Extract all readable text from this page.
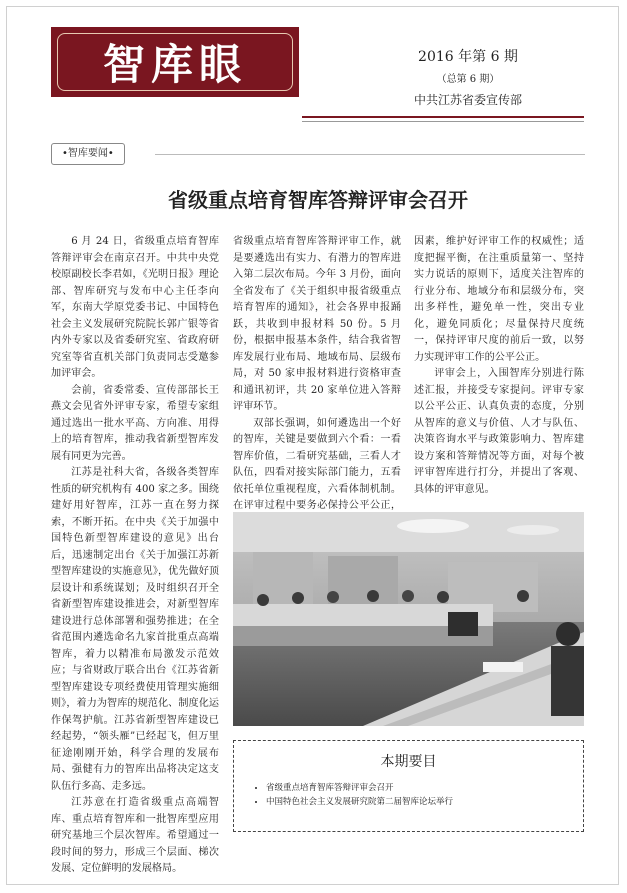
智库眼	2016 年第 6 期
（总第 6 期）
中共江苏省委宣传部
•智库要闻•
省级重点培育智库答辩评审会召开

6 月 24 日，省级重点培育智库答辩评审会在南京召开。中共中央党校原副校长李君如，《光明日报》理论部、智库研究与发布中心主任李向军，东南大学原党委书记、中国特色社会主义发展研究院院长郭广银等省内外专家以及省委研究室、省政府研究室等省直机关部门负责同志受邀参加评审会。

会前，省委常委、宣传部部长王燕文会见省外评审专家，希望专家组通过选出一批水平高、方向准、用得上的培育智库，推动我省新型智库发展有同更为完善。

江苏是社科大省，各级各类智库性质的研究机构有 400 家之多。围绕建好用好智库，江苏一直在努力探索，不断开拓。在中央《关于加强中国特色新型智库建设的意见》出台后，迅速制定出台《关于加强江苏新型智库建设的实施意见》，优先做好顶层设计和系统谋划；及时组织召开全省新型智库建设推进会，对新型智库建设进行总体部署和强势推进；在全省范围内遴选命名九家首批重点高端智库，着力以精准布局激发示范效应；与省财政厅联合出台《江苏省新型智库建设专项经费使用管理实施细则》，着力为智库的规范化、制度化运作保驾护航。江苏省新型智库建设已经起势，“领头雁”已经起飞，但万里征途刚刚开始，科学合理的发展布局、强健有力的智库出品将决定这支队伍行多高、走多远。

江苏意在打造省级重点高端智库、重点培育智库和一批智库型应用研究基地三个层次智库。希望通过一段时间的努力，形成三个层面、梯次发展、定位鲜明的发展格局。

省级重点培育智库答辩评审工作，就是要遴选出有实力、有潜力的智库进入第二层次布局。今年 3 月份，面向全省发布了《关于组织申报省级重点培育智库的通知》，社会各界申报踊跃，共收到申报材料 50 份。5 月份，根据申报基本条件，结合我省智库发展行业布局、地域布局、层级布局，对 50 家申报材料进行资格审查和通讯初评，共 20 家单位进入答辩评审环节。

双部长强调，如何遴选出一个好的智库，关键是要做到六个看：一看智库价值，二看研究基础，三看人才队伍，四看对接实际部门能力，五看依托单位重视程度，六看体制机制。在评审过程中要务必保持公平公正，

因素，维护好评审工作的权威性；适度把握平衡，在注重质量第一、坚持实力说话的原则下，适度关注智库的行业分布、地域分布和层级分布，突出多样性，避免单一性，突出专业化，避免同质化；尽量保持尺度统一，保持评审尺度的前后一致，以努力实现评审工作的公平公正。

评审会上，入围智库分别进行陈述汇报，并接受专家提问。评审专家以公平公正、认真负责的态度，分别从智库的意义与价值、人才与队伍、决策咨询水平与政策影响力、智库建设方案和答辩情况等方面，对每个被评审智库进行打分，并提出了客观、具体的评审意见。

本期要目
• 省级重点培育智库答辩评审会召开
• 中国特色社会主义发展研究院第二届智库论坛举行
